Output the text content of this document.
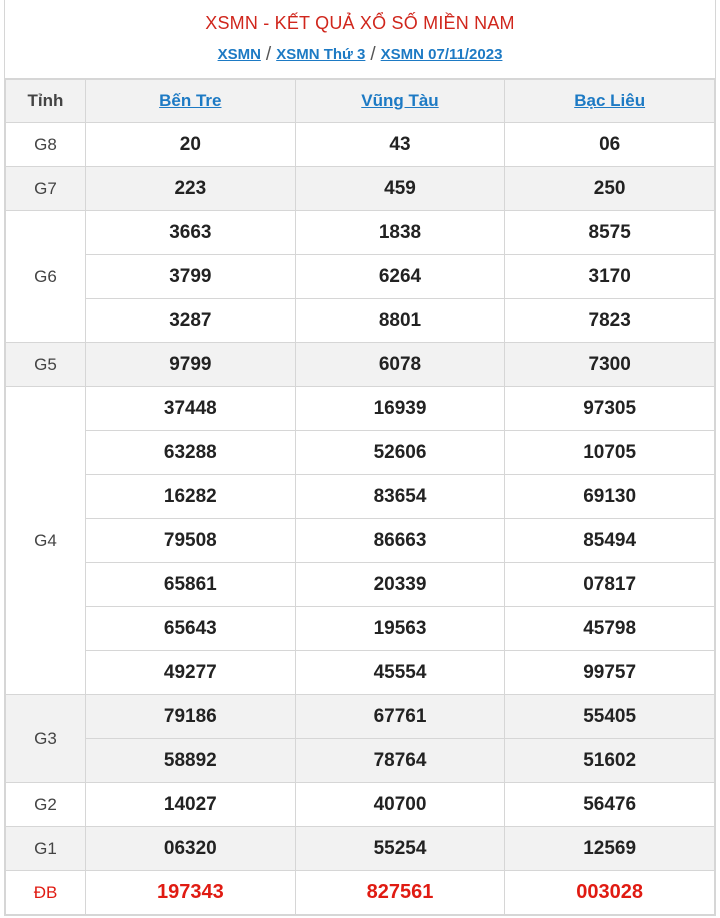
XSMN - KẾT QUẢ XỔ SỐ MIỀN NAM
XSMN / XSMN Thứ 3 / XSMN 07/11/2023
Tỉnh	Bến Tre	Vũng Tàu	Bạc Liêu
G8	20	43	06
G7	223	459	250
G6	3663	1838	8575
	3799	6264	3170
	3287	8801	7823
G5	9799	6078	7300
G4	37448	16939	97305
	63288	52606	10705
	16282	83654	69130
	79508	86663	85494
	65861	20339	07817
	65643	19563	45798
	49277	45554	99757
G3	79186	67761	55405
	58892	78764	51602
G2	14027	40700	56476
G1	06320	55254	12569
ĐB	197343	827561	003028
